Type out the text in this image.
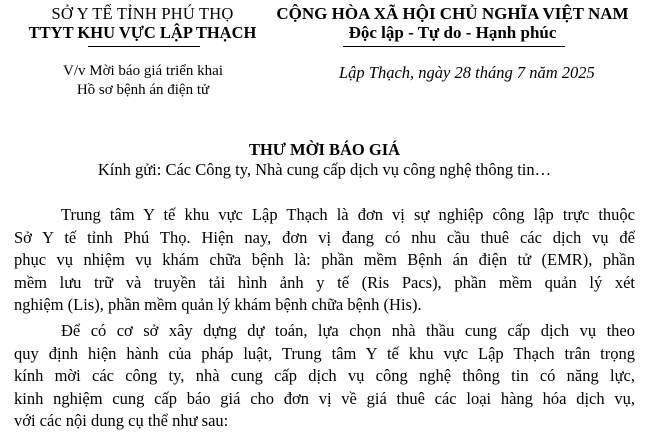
SỞ Y TẾ TỈNH PHÚ THỌ
TTYT KHU VỰC LẬP THẠCH
CỘNG HÒA XÃ HỘI CHỦ NGHĨA VIỆT NAM
Độc lập - Tự do - Hạnh phúc
V/v Mời báo giá triển khai
Hồ sơ bệnh án điện tử
Lập Thạch, ngày 28 tháng 7 năm 2025
THƯ MỜI BÁO GIÁ
Kính gửi: Các Công ty, Nhà cung cấp dịch vụ công nghệ thông tin…
Trung tâm Y tế khu vực Lập Thạch là đơn vị sự nghiệp công lập trực thuộc
Sở Y tế tỉnh Phú Thọ. Hiện nay, đơn vị đang có nhu cầu thuê các dịch vụ để
phục vụ nhiệm vụ khám chữa bệnh là: phần mềm Bệnh án điện tử (EMR), phần
mềm lưu trữ và truyền tải hình ảnh y tế (Ris Pacs), phần mềm quản lý xét
nghiệm (Lis), phần mềm quản lý khám bệnh chữa bệnh (His).
Để có cơ sở xây dựng dự toán, lựa chọn nhà thầu cung cấp dịch vụ theo
quy định hiện hành của pháp luật, Trung tâm Y tế khu vực Lập Thạch trân trọng
kính mời các công ty, nhà cung cấp dịch vụ công nghệ thông tin có năng lực,
kinh nghiệm cung cấp báo giá cho đơn vị về giá thuê các loại hàng hóa dịch vụ,
với các nội dung cụ thể như sau:
